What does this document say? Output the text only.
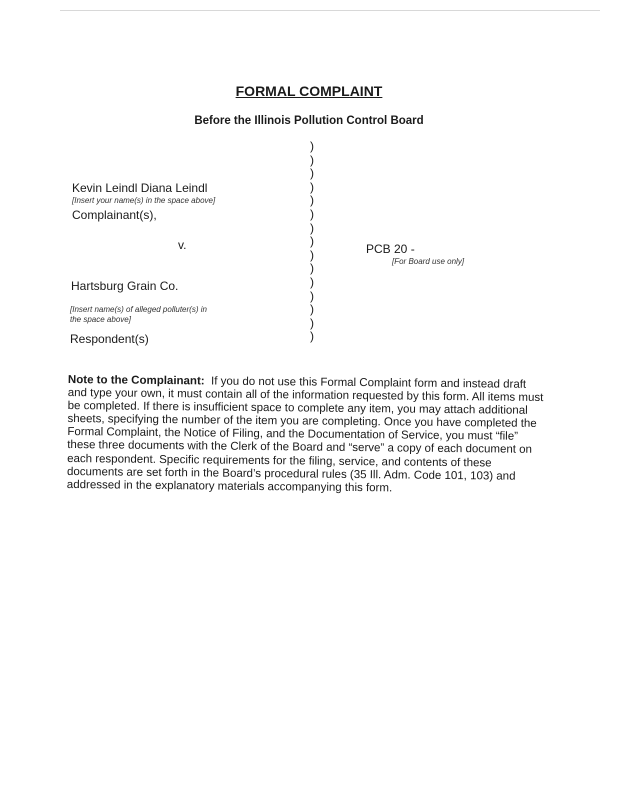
FORMAL COMPLAINT
Before the Illinois Pollution Control Board
Kevin Leindl Diana Leindl
[Insert your name(s) in the space above]
Complainant(s),
v.	PCB 20 -
[For Board use only]
Hartsburg Grain Co.
[Insert name(s) of alleged polluter(s) in
the space above]
Respondent(s)
)
)
)
)
)
)
)
)
)
)
)
)
)
)
)
Note to the Complainant: If you do not use this Formal Complaint form and instead draft and type your own, it must contain all of the information requested by this form. All items must be completed. If there is insufficient space to complete any item, you may attach additional sheets, specifying the number of the item you are completing. Once you have completed the Formal Complaint, the Notice of Filing, and the Documentation of Service, you must “file” these three documents with the Clerk of the Board and “serve” a copy of each document on each respondent. Specific requirements for the filing, service, and contents of these documents are set forth in the Board’s procedural rules (35 Ill. Adm. Code 101, 103) and addressed in the explanatory materials accompanying this form.
